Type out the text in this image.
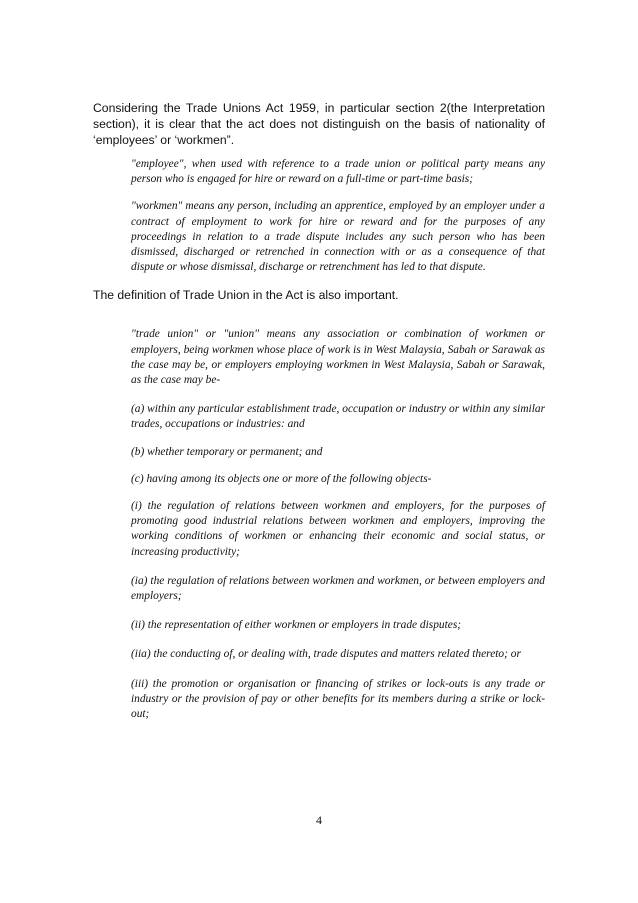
Considering the Trade Unions Act 1959, in particular section 2(the Interpretation section), it is clear that the act does not distinguish on the basis of nationality of ‘employees’ or ‘workmen”.

"employee", when used with reference to a trade union or political party means any person who is engaged for hire or reward on a full-time or part-time basis;

"workmen" means any person, including an apprentice, employed by an employer under a contract of employment to work for hire or reward and for the purposes of any proceedings in relation to a trade dispute includes any such person who has been dismissed, discharged or retrenched in connection with or as a consequence of that dispute or whose dismissal, discharge or retrenchment has led to that dispute.

The definition of Trade Union in the Act is also important.

"trade union" or "union" means any association or combination of workmen or employers, being workmen whose place of work is in West Malaysia, Sabah or Sarawak as the case may be, or employers employing workmen in West Malaysia, Sabah or Sarawak, as the case may be-

(a) within any particular establishment trade, occupation or industry or within any similar trades, occupations or industries: and

(b) whether temporary or permanent; and

(c) having among its objects one or more of the following objects-

(i) the regulation of relations between workmen and employers, for the purposes of promoting good industrial relations between workmen and employers, improving the working conditions of workmen or enhancing their economic and social status, or increasing productivity;

(ia) the regulation of relations between workmen and workmen, or between employers and employers;

(ii) the representation of either workmen or employers in trade disputes;

(iia) the conducting of, or dealing with, trade disputes and matters related thereto; or

(iii) the promotion or organisation or financing of strikes or lock-outs is any trade or industry or the provision of pay or other benefits for its members during a strike or lock-out;

4
